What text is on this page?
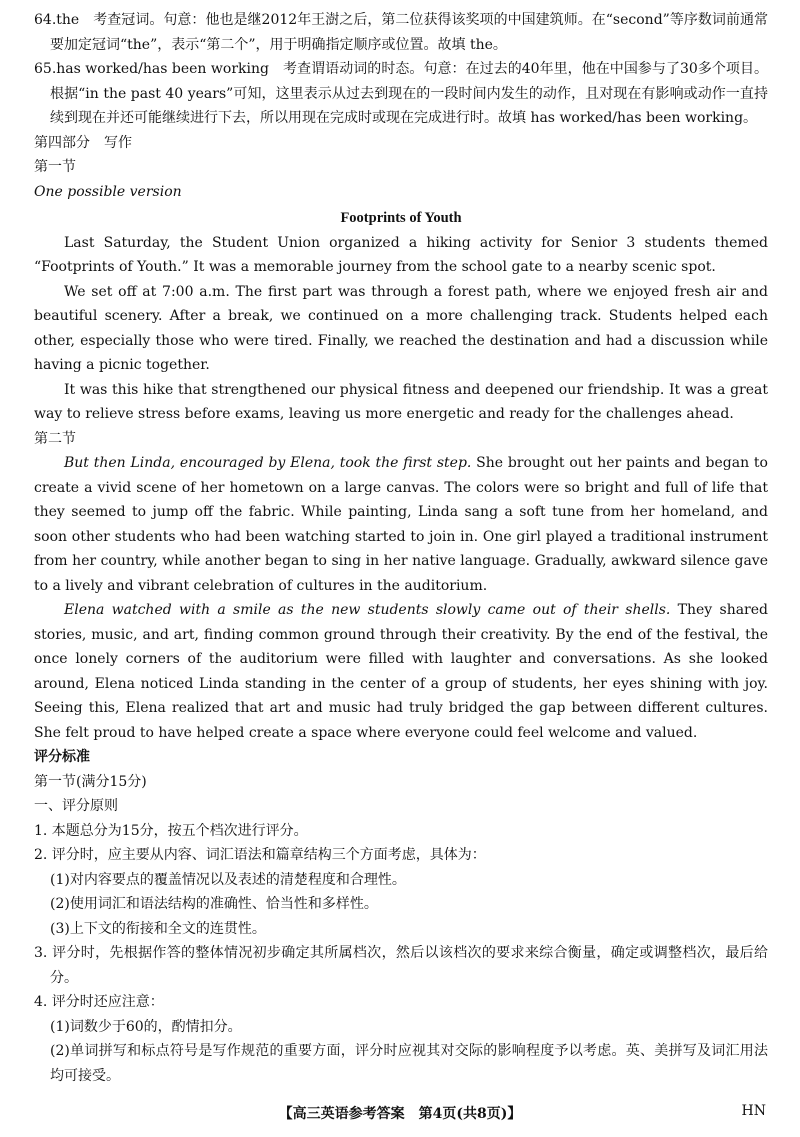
64.the　考查冠词。句意：他也是继2012年王澍之后，第二位获得该奖项的中国建筑师。在“second”等序数词前通常要加定冠词“the”，表示“第二个”，用于明确指定顺序或位置。故填 the。

65.has worked/has been working　考查谓语动词的时态。句意：在过去的40年里，他在中国参与了30多个项目。根据“in the past 40 years”可知，这里表示从过去到现在的一段时间内发生的动作，且对现在有影响或动作一直持续到现在并还可能继续进行下去，所以用现在完成时或现在完成进行时。故填 has worked/has been working。

第四部分　写作

第一节

One possible version

Footprints of Youth

Last Saturday, the Student Union organized a hiking activity for Senior 3 students themed “Footprints of Youth.” It was a memorable journey from the school gate to a nearby scenic spot.

We set off at 7:00 a.m. The first part was through a forest path, where we enjoyed fresh air and beautiful scenery. After a break, we continued on a more challenging track. Students helped each other, especially those who were tired. Finally, we reached the destination and had a discussion while having a picnic together.

It was this hike that strengthened our physical fitness and deepened our friendship. It was a great way to relieve stress before exams, leaving us more energetic and ready for the challenges ahead.

第二节

But then Linda, encouraged by Elena, took the first step. She brought out her paints and began to create a vivid scene of her hometown on a large canvas. The colors were so bright and full of life that they seemed to jump off the fabric. While painting, Linda sang a soft tune from her homeland, and soon other students who had been watching started to join in. One girl played a traditional instrument from her country, while another began to sing in her native language. Gradually, awkward silence gave to a lively and vibrant celebration of cultures in the auditorium.

Elena watched with a smile as the new students slowly came out of their shells. They shared stories, music, and art, finding common ground through their creativity. By the end of the festival, the once lonely corners of the auditorium were filled with laughter and conversations. As she looked around, Elena noticed Linda standing in the center of a group of students, her eyes shining with joy. Seeing this, Elena realized that art and music had truly bridged the gap between different cultures. She felt proud to have helped create a space where everyone could feel welcome and valued.

评分标准

第一节(满分15分)

一、评分原则

1. 本题总分为15分，按五个档次进行评分。

2. 评分时，应主要从内容、词汇语法和篇章结构三个方面考虑，具体为：

(1)对内容要点的覆盖情况以及表述的清楚程度和合理性。

(2)使用词汇和语法结构的准确性、恰当性和多样性。

(3)上下文的衔接和全文的连贯性。

3. 评分时，先根据作答的整体情况初步确定其所属档次，然后以该档次的要求来综合衡量，确定或调整档次，最后给分。

4. 评分时还应注意：

(1)词数少于60的，酌情扣分。

(2)单词拼写和标点符号是写作规范的重要方面，评分时应视其对交际的影响程度予以考虑。英、美拼写及词汇用法均可接受。

【高三英语参考答案　第4页(共8页)】	HN
